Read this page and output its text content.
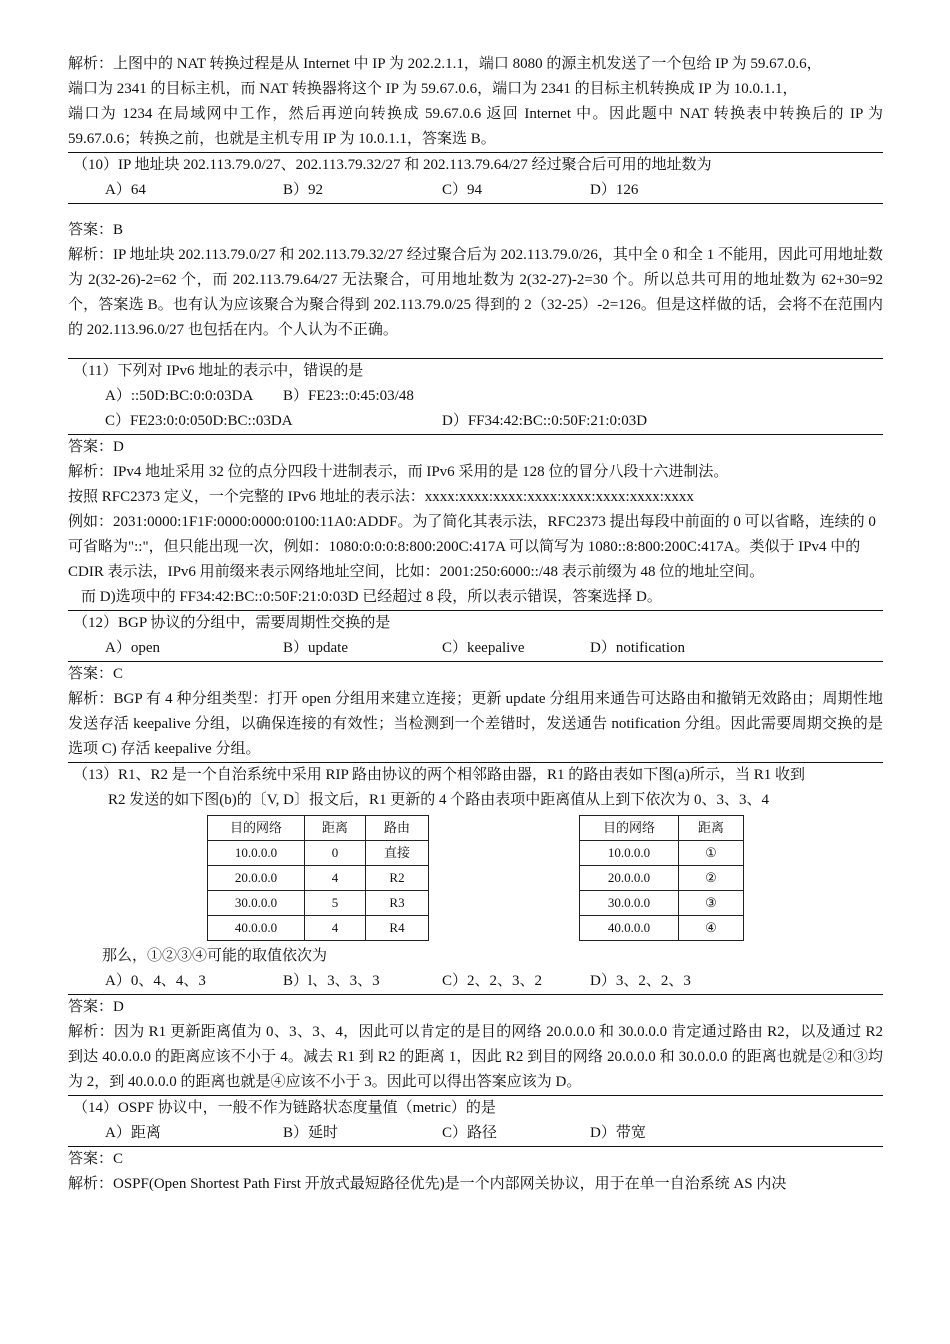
解析：上图中的 NAT 转换过程是从 Internet 中 IP 为 202.2.1.1，端口 8080 的源主机发送了一个包给 IP 为 59.67.0.6，

端口为 2341 的目标主机，而 NAT 转换器将这个 IP 为 59.67.0.6，端口为 2341 的目标主机转换成 IP 为 10.0.1.1，

端口为 1234 在局域网中工作，然后再逆向转换成 59.67.0.6 返回 Internet 中。因此题中 NAT 转换表中转换后的 IP 为 59.67.0.6；转换之前，也就是主机专用 IP 为 10.0.1.1，答案选 B。

（10）IP 地址块 202.113.79.0/27、202.113.79.32/27 和 202.113.79.64/27 经过聚合后可用的地址数为

A）64	B）92	C）94	D）126

答案：B

解析：IP 地址块 202.113.79.0/27 和 202.113.79.32/27 经过聚合后为 202.113.79.0/26，其中全 0 和全 1 不能用，因此可用地址数为 2(32-26)-2=62 个，而 202.113.79.64/27 无法聚合，可用地址数为 2(32-27)-2=30 个。所以总共可用的地址数为 62+30=92 个，答案选 B。也有认为应该聚合为聚合得到 202.113.79.0/25 得到的 2（32-25）-2=126。但是这样做的话，会将不在范围内的 202.113.96.0/27 也包括在内。个人认为不正确。

（11）下列对 IPv6 地址的表示中，错误的是

A）::50D:BC:0:0:03DA B）FE23::0:45:03/48
C）FE23:0:0:050D:BC::03DA	D）FF34:42:BC::0:50F:21:0:03D

答案：D

解析：IPv4 地址采用 32 位的点分四段十进制表示，而 IPv6 采用的是 128 位的冒分八段十六进制法。

按照 RFC2373 定义，一个完整的 IPv6 地址的表示法：xxxx:xxxx:xxxx:xxxx:xxxx:xxxx:xxxx:xxxx

例如：2031:0000:1F1F:0000:0000:0100:11A0:ADDF。为了简化其表示法，RFC2373 提出每段中前面的 0 可以省略，连续的 0 可省略为"::"，但只能出现一次，例如：1080:0:0:0:8:800:200C:417A 可以简写为 1080::8:800:200C:417A。类似于 IPv4 中的 CDIR 表示法，IPv6 用前缀来表示网络地址空间，比如：2001:250:6000::/48 表示前缀为 48 位的地址空间。

而 D)选项中的 FF34:42:BC::0:50F:21:0:03D 已经超过 8 段，所以表示错误，答案选择 D。

（12）BGP 协议的分组中，需要周期性交换的是

A）open	B）update	C）keepalive	D）notification

答案：C

解析：BGP 有 4 种分组类型：打开 open 分组用来建立连接；更新 update 分组用来通告可达路由和撤销无效路由；周期性地发送存活 keepalive 分组，以确保连接的有效性；当检测到一个差错时，发送通告 notification 分组。因此需要周期交换的是选项 C) 存活 keepalive 分组。

（13）R1、R2 是一个自治系统中采用 RIP 路由协议的两个相邻路由器，R1 的路由表如下图(a)所示，当 R1 收到

R2 发送的如下图(b)的〔V, D〕报文后，R1 更新的 4 个路由表项中距离值从上到下依次为 0、3、3、4

目的网络	距离	路由
10.0.0.0	0	直接
20.0.0.0	4	R2
30.0.0.0	5	R3
40.0.0.0	4	R4
目的网络	距离
10.0.0.0	①
20.0.0.0	②
30.0.0.0	③
40.0.0.0	④

那么，①②③④可能的取值依次为

A）0、4、4、3	B）l、3、3、3	C）2、2、3、2	D）3、2、2、3

答案：D

解析：因为 R1 更新距离值为 0、3、3、4，因此可以肯定的是目的网络 20.0.0.0 和 30.0.0.0 肯定通过路由 R2，以及通过 R2 到达 40.0.0.0 的距离应该不小于 4。减去 R1 到 R2 的距离 1，因此 R2 到目的网络 20.0.0.0 和 30.0.0.0 的距离也就是②和③均为 2，到 40.0.0.0 的距离也就是④应该不小于 3。因此可以得出答案应该为 D。

（14）OSPF 协议中，一般不作为链路状态度量值（metric）的是

A）距离	B）延时	C）路径	D）带宽

答案：C

解析：OSPF(Open Shortest Path First 开放式最短路径优先)是一个内部网关协议，用于在单一自治系统 AS 内决
